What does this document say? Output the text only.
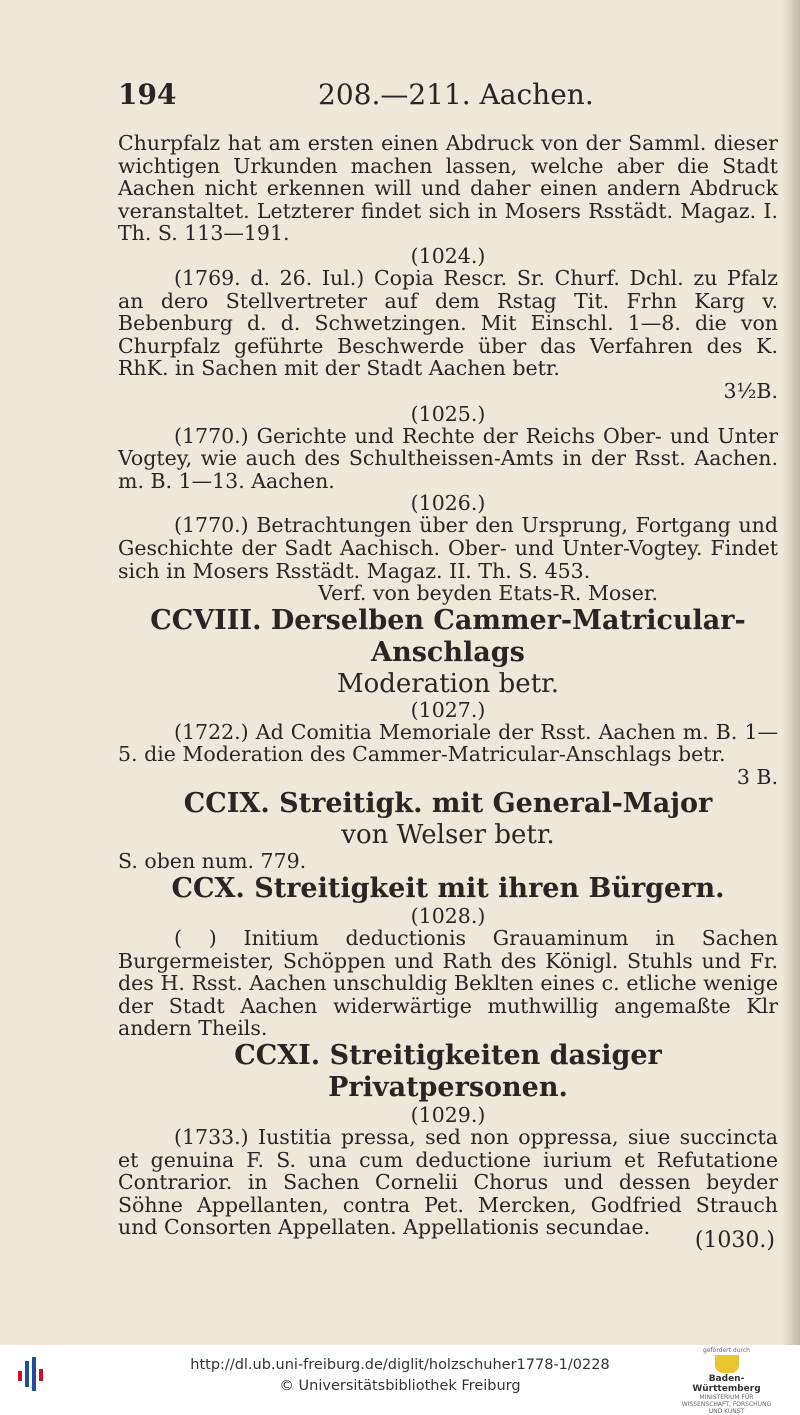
194	208.—211. Aachen.

Churpfalz hat am ersten einen Abdruck von der Samml. dieser wichtigen Urkunden machen lassen, welche aber die Stadt Aachen nicht erkennen will und daher einen andern Abdruck veranstaltet. Letzterer findet sich in Mosers Rsstädt. Magaz. I. Th. S. 113—191.

(1024.)

(1769. d. 26. Iul.) Copia Rescr. Sr. Churf. Dchl. zu Pfalz an dero Stellvertreter auf dem Rstag Tit. Frhn Karg v. Bebenburg d. d. Schwetzingen. Mit Einschl. 1—8. die von Churpfalz geführte Beschwerde über das Verfahren des K. RhK. in Sachen mit der Stadt Aachen betr.

3½B.

(1025.)

(1770.) Gerichte und Rechte der Reichs Ober- und Unter Vogtey, wie auch des Schultheissen-Amts in der Rsst. Aachen. m. B. 1—13. Aachen.

(1026.)

(1770.) Betrachtungen über den Ursprung, Fortgang und Geschichte der Sadt Aachisch. Ober- und Unter-Vogtey. Findet sich in Mosers Rsstädt. Magaz. II. Th. S. 453.

Verf. von beyden Etats-R. Moser.

CCVIII. Derselben Cammer-Matricular-Anschlags

Moderation betr.

(1027.)

(1722.) Ad Comitia Memoriale der Rsst. Aachen m. B. 1—5. die Moderation des Cammer-Matricular-Anschlags betr.

3 B.

CCIX. Streitigk. mit General-Major

von Welser betr.

S. oben num. 779.

CCX. Streitigkeit mit ihren Bürgern.

(1028.)

( ) Initium deductionis Grauaminum in Sachen Burgermeister, Schöppen und Rath des Königl. Stuhls und Fr. des H. Rsst. Aachen unschuldig Beklten eines c. etliche wenige der Stadt Aachen widerwärtige muthwillig angemaßte Klr andern Theils.

CCXI. Streitigkeiten dasiger Privatpersonen.

(1029.)

(1733.) Iustitia pressa, sed non oppressa, siue succincta et genuina F. S. una cum deductione iurium et Refutatione Contrarior. in Sachen Cornelii Chorus und dessen beyder Söhne Appellanten, contra Pet. Mercken, Godfried Strauch und Consorten Appellaten. Appellationis secundae.

(1030.)
http://dl.ub.uni-freiburg.de/diglit/holzschuher1778-1/0228
© Universitätsbibliothek Freiburg
gefördert durch
Baden-Württemberg
MINISTERIUM FÜR WISSENSCHAFT, FORSCHUNG UND KUNST
